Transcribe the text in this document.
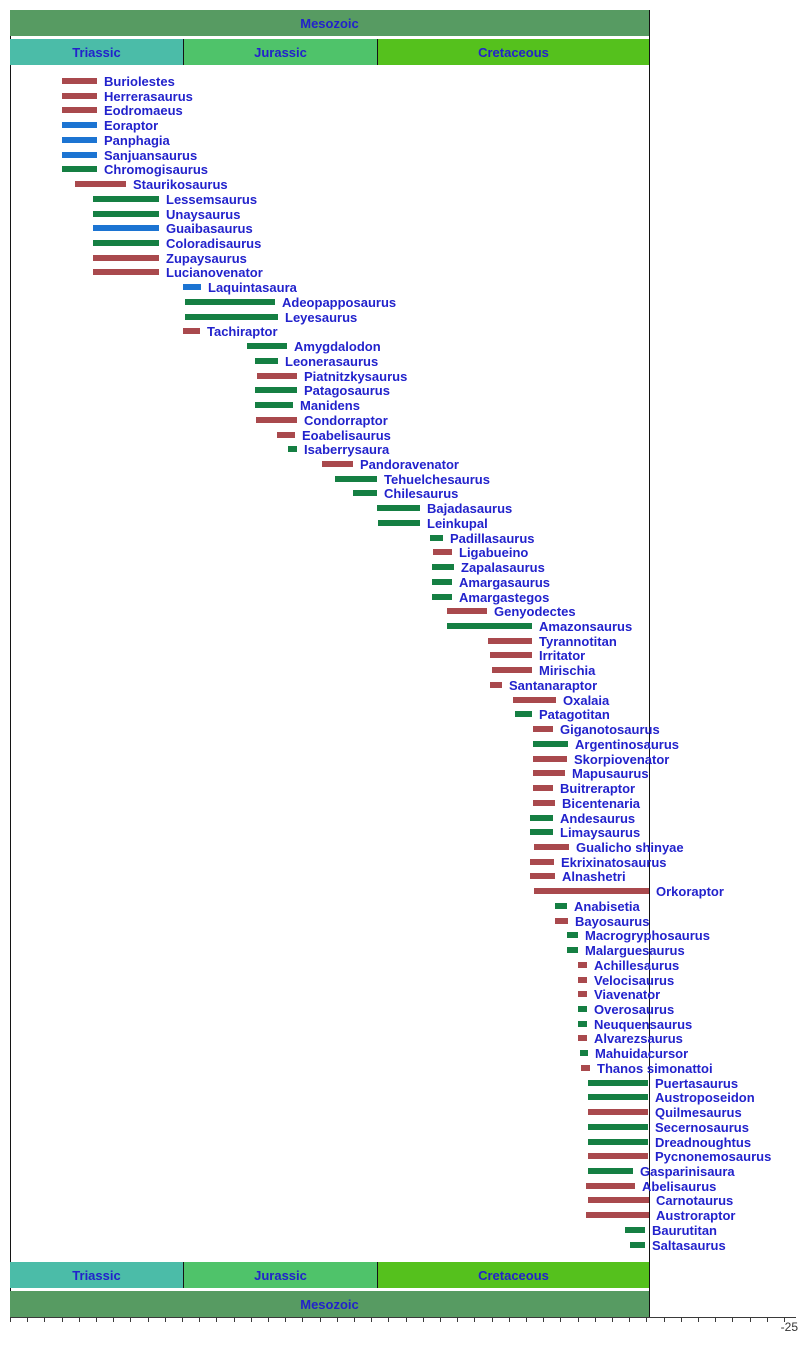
Mesozoic
Triassic	Jurassic	Cretaceous
Buriolestes
Herrerasaurus
Eodromaeus
Eoraptor
Panphagia
Sanjuansaurus
Chromogisaurus
Staurikosaurus
Lessemsaurus
Unaysaurus
Guaibasaurus
Coloradisaurus
Zupaysaurus
Lucianovenator
Laquintasaura
Adeopapposaurus
Leyesaurus
Tachiraptor
Amygdalodon
Leonerasaurus
Piatnitzkysaurus
Patagosaurus
Manidens
Condorraptor
Eoabelisaurus
Isaberrysaura
Pandoravenator
Tehuelchesaurus
Chilesaurus
Bajadasaurus
Leinkupal
Padillasaurus
Ligabueino
Zapalasaurus
Amargasaurus
Amargastegos
Genyodectes
Amazonsaurus
Tyrannotitan
Irritator
Mirischia
Santanaraptor
Oxalaia
Patagotitan
Giganotosaurus
Argentinosaurus
Skorpiovenator
Mapusaurus
Buitreraptor
Bicentenaria
Andesaurus
Limaysaurus
Gualicho shinyae
Ekrixinatosaurus
Alnashetri
Orkoraptor
Anabisetia
Bayosaurus
Macrogryphosaurus
Malarguesaurus
Achillesaurus
Velocisaurus
Viavenator
Overosaurus
Neuquensaurus
Alvarezsaurus
Mahuidacursor
Thanos simonattoi
Puertasaurus
Austroposeidon
Quilmesaurus
Secernosaurus
Dreadnoughtus
Pycnonemosaurus
Gasparinisaura
Abelisaurus
Carnotaurus
Austroraptor
Baurutitan
Saltasaurus
Triassic	Jurassic	Cretaceous
Mesozoic
-25
